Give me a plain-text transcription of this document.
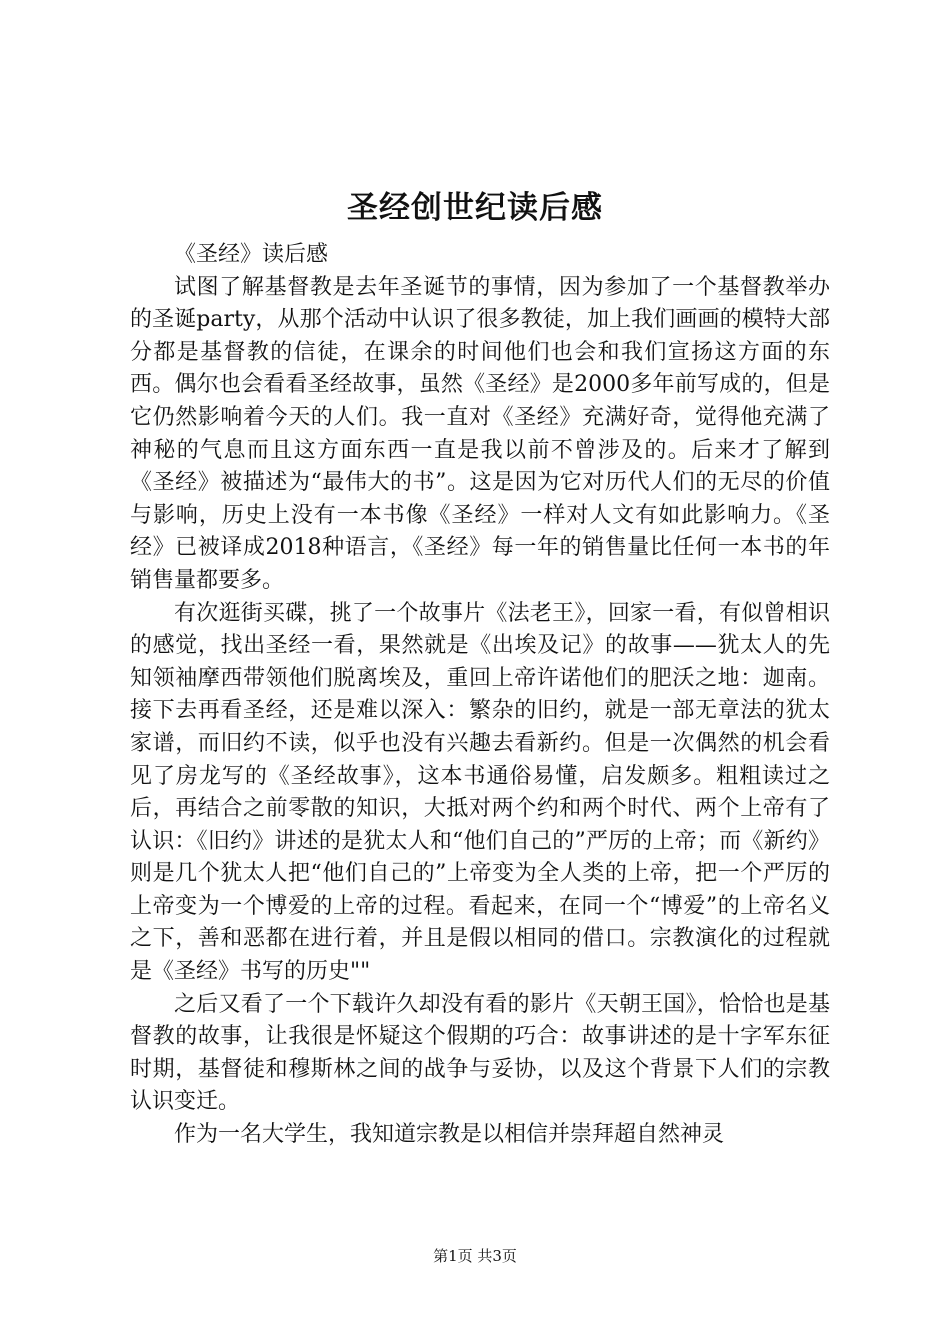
圣经创世纪读后感

《圣经》读后感

试图了解基督教是去年圣诞节的事情，因为参加了一个基督教举办的圣诞party，从那个活动中认识了很多教徒，加上我们画画的模特大部分都是基督教的信徒，在课余的时间他们也会和我们宣扬这方面的东西。偶尔也会看看圣经故事，虽然《圣经》是2000多年前写成的，但是它仍然影响着今天的人们。我一直对《圣经》充满好奇，觉得他充满了神秘的气息而且这方面东西一直是我以前不曾涉及的。后来才了解到《圣经》被描述为“最伟大的书”。这是因为它对历代人们的无尽的价值与影响，历史上没有一本书像《圣经》一样对人文有如此影响力。《圣经》已被译成2018种语言，《圣经》每一年的销售量比任何一本书的年销售量都要多。

有次逛街买碟，挑了一个故事片《法老王》，回家一看，有似曾相识的感觉，找出圣经一看，果然就是《出埃及记》的故事——犹太人的先知领袖摩西带领他们脱离埃及，重回上帝许诺他们的肥沃之地：迦南。接下去再看圣经，还是难以深入：繁杂的旧约，就是一部无章法的犹太家谱，而旧约不读，似乎也没有兴趣去看新约。但是一次偶然的机会看见了房龙写的《圣经故事》，这本书通俗易懂，启发颇多。粗粗读过之后，再结合之前零散的知识，大抵对两个约和两个时代、两个上帝有了认识：《旧约》讲述的是犹太人和“他们自己的”严厉的上帝；而《新约》则是几个犹太人把“他们自己的”上帝变为全人类的上帝，把一个严厉的上帝变为一个博爱的上帝的过程。看起来，在同一个“博爱”的上帝名义之下，善和恶都在进行着，并且是假以相同的借口。宗教演化的过程就是《圣经》书写的历史""

之后又看了一个下载许久却没有看的影片《天朝王国》，恰恰也是基督教的故事，让我很是怀疑这个假期的巧合：故事讲述的是十字军东征时期，基督徒和穆斯林之间的战争与妥协，以及这个背景下人们的宗教认识变迁。

作为一名大学生，我知道宗教是以相信并崇拜超自然神灵

第1页 共3页
